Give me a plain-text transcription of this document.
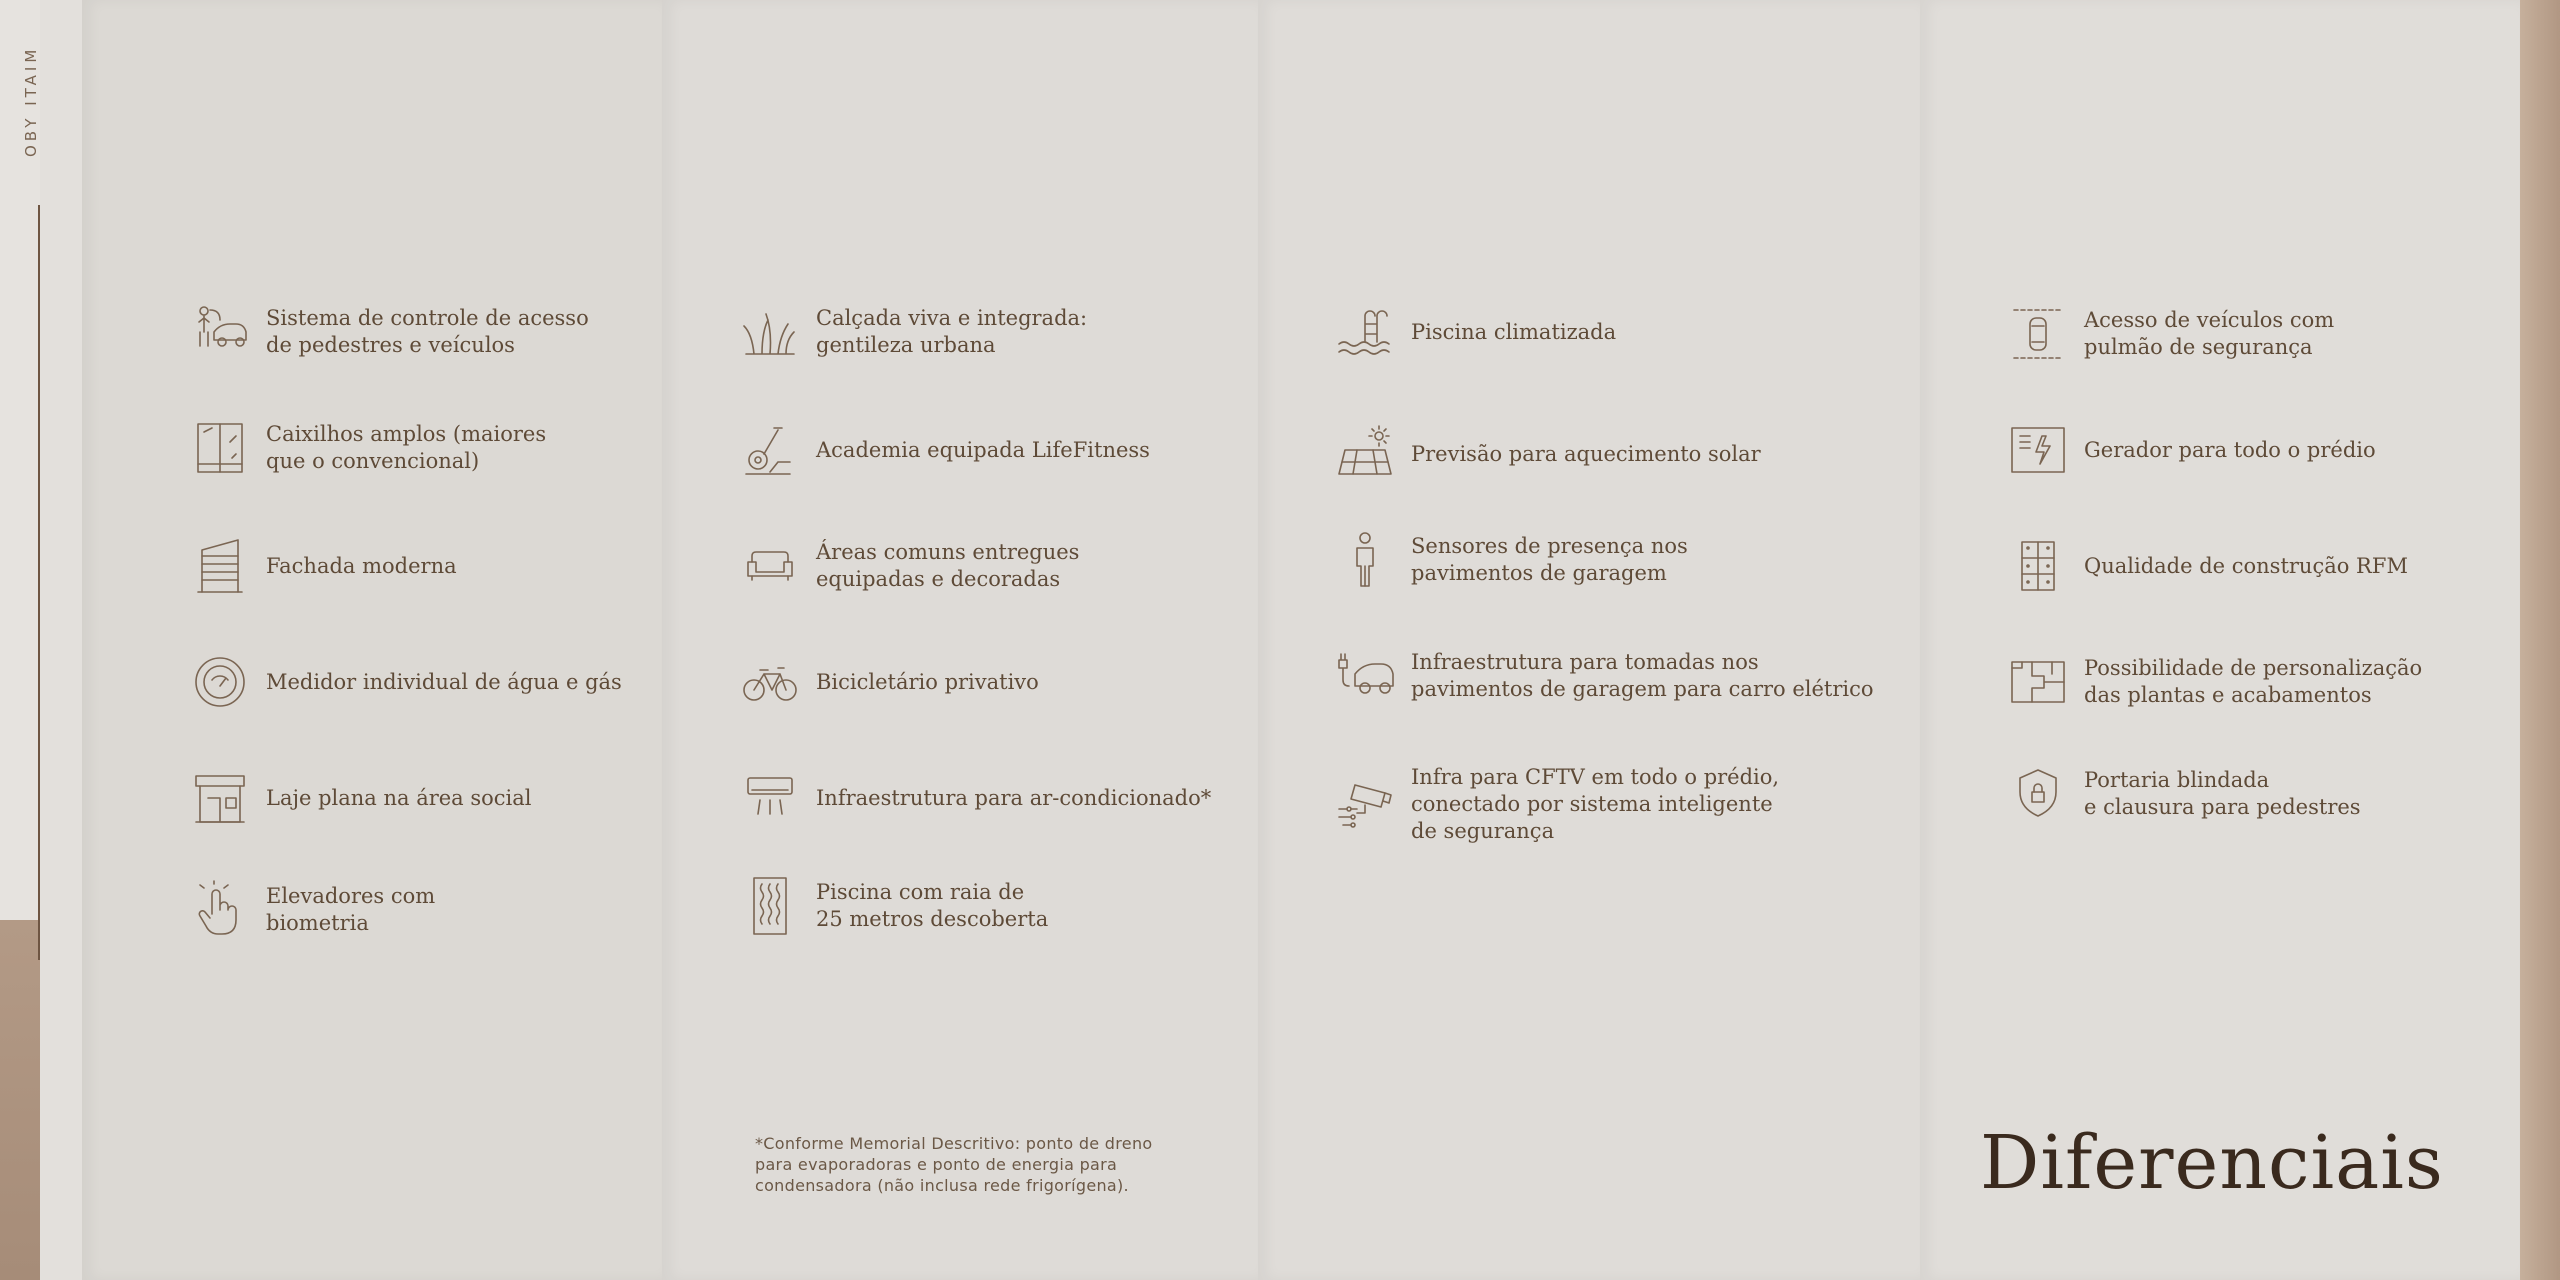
OBY ITAIM
Sistema de controle de acesso
de pedestres e veículos
Caixilhos amplos (maiores
que o convencional)
Fachada moderna
Medidor individual de água e gás
Laje plana na área social
Elevadores com
biometria
Calçada viva e integrada:
gentileza urbana
Academia equipada LifeFitness
Áreas comuns entregues
equipadas e decoradas
Bicicletário privativo
Infraestrutura para ar-condicionado*
Piscina com raia de
25 metros descoberta
Piscina climatizada
Previsão para aquecimento solar
Sensores de presença nos
pavimentos de garagem
Infraestrutura para tomadas nos
pavimentos de garagem para carro elétrico
Infra para CFTV em todo o prédio,
conectado por sistema inteligente
de segurança
Acesso de veículos com
pulmão de segurança
Gerador para todo o prédio
Qualidade de construção RFM
Possibilidade de personalização
das plantas e acabamentos
Portaria blindada
e clausura para pedestres
*Conforme Memorial Descritivo: ponto de dreno
para evaporadoras e ponto de energia para
condensadora (não inclusa rede frigorígena).	Diferenciais
